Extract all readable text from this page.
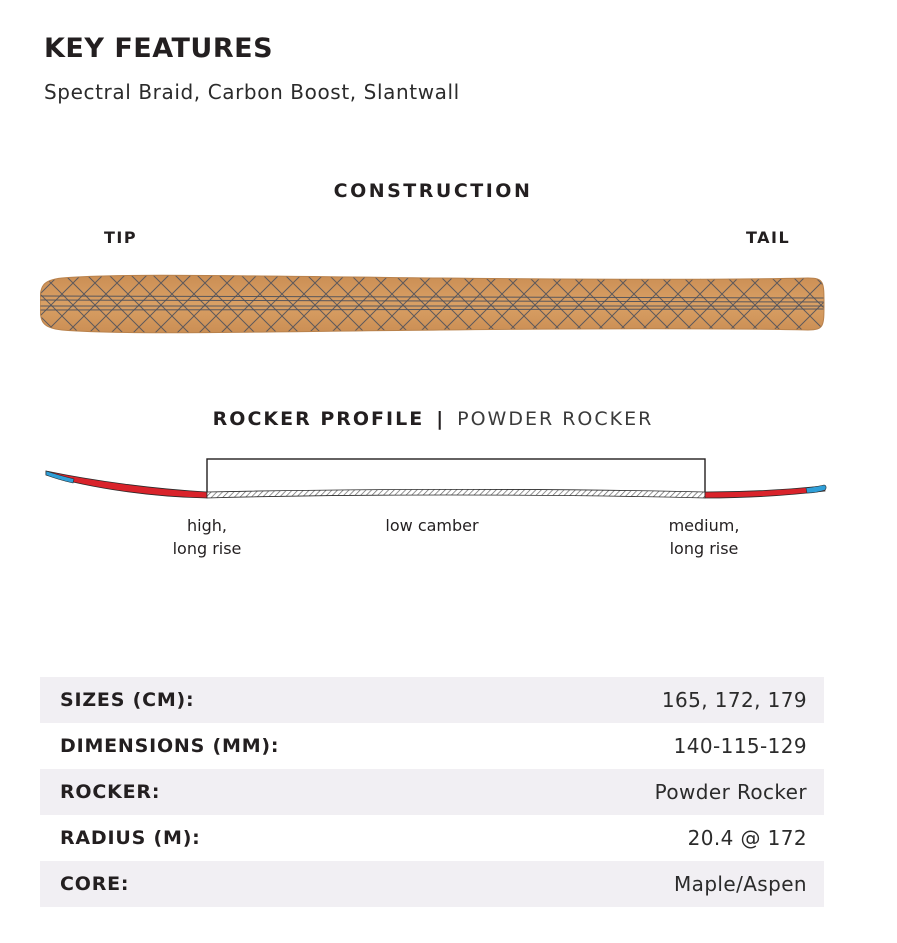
KEY FEATURES
Spectral Braid, Carbon Boost, Slantwall
CONSTRUCTION
TIP	TAIL
ROCKER PROFILE | POWDER ROCKER
high,
long rise
low camber	medium,
long rise
SIZES (CM):	165, 172, 179
DIMENSIONS (MM):	140-115-129
ROCKER:	Powder Rocker
RADIUS (M):	20.4 @ 172
CORE:	Maple/Aspen
